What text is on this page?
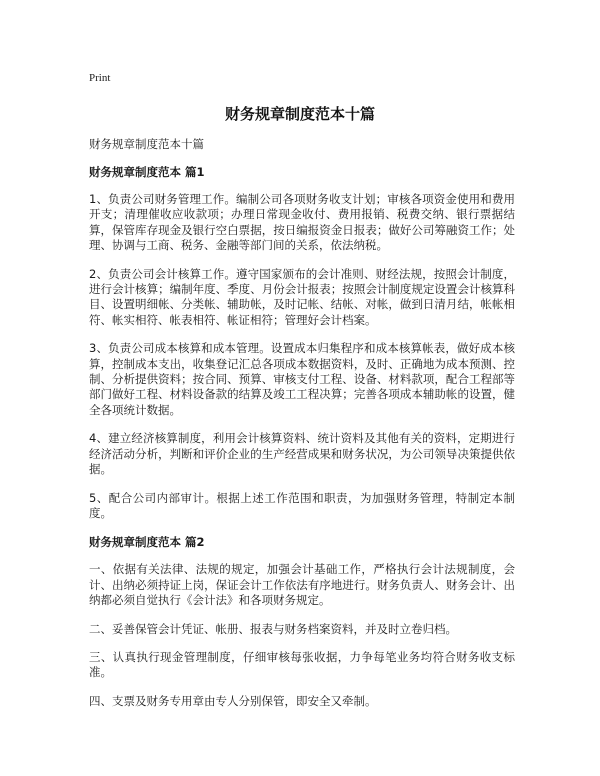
Print
财务规章制度范本十篇
财务规章制度范本十篇
财务规章制度范本 篇1
1、负责公司财务管理工作。编制公司各项财务收支计划；审核各项资金使用和费用开支；清理催收应收款项；办理日常现金收付、费用报销、税费交纳、银行票据结算，保管库存现金及银行空白票据，按日编报资金日报表；做好公司筹融资工作；处理、协调与工商、税务、金融等部门间的关系，依法纳税。
2、负责公司会计核算工作。遵守国家颁布的会计准则、财经法规，按照会计制度，进行会计核算；编制年度、季度、月份会计报表；按照会计制度规定设置会计核算科目、设置明细帐、分类帐、辅助帐，及时记帐、结帐、对帐，做到日清月结，帐帐相符、帐实相符、帐表相符、帐证相符；管理好会计档案。
3、负责公司成本核算和成本管理。设置成本归集程序和成本核算帐表，做好成本核算，控制成本支出，收集登记汇总各项成本数据资料，及时、正确地为成本预测、控制、分析提供资料；按合同、预算、审核支付工程、设备、材料款项，配合工程部等部门做好工程、材料设备款的结算及竣工工程决算；完善各项成本辅助帐的设置，健全各项统计数据。
4、建立经济核算制度，利用会计核算资料、统计资料及其他有关的资料，定期进行经济活动分析，判断和评价企业的生产经营成果和财务状况，为公司领导决策提供依据。
5、配合公司内部审计。根据上述工作范围和职责，为加强财务管理，特制定本制度。
财务规章制度范本 篇2
一、依据有关法律、法规的规定，加强会计基础工作，严格执行会计法规制度，会计、出纳必须持证上岗，保证会计工作依法有序地进行。财务负责人、财务会计、出纳都必须自觉执行《会计法》和各项财务规定。
二、妥善保管会计凭证、帐册、报表与财务档案资料，并及时立卷归档。
三、认真执行现金管理制度，仔细审核每张收据，力争每笔业务均符合财务收支标准。
四、支票及财务专用章由专人分别保管，即安全又牵制。
